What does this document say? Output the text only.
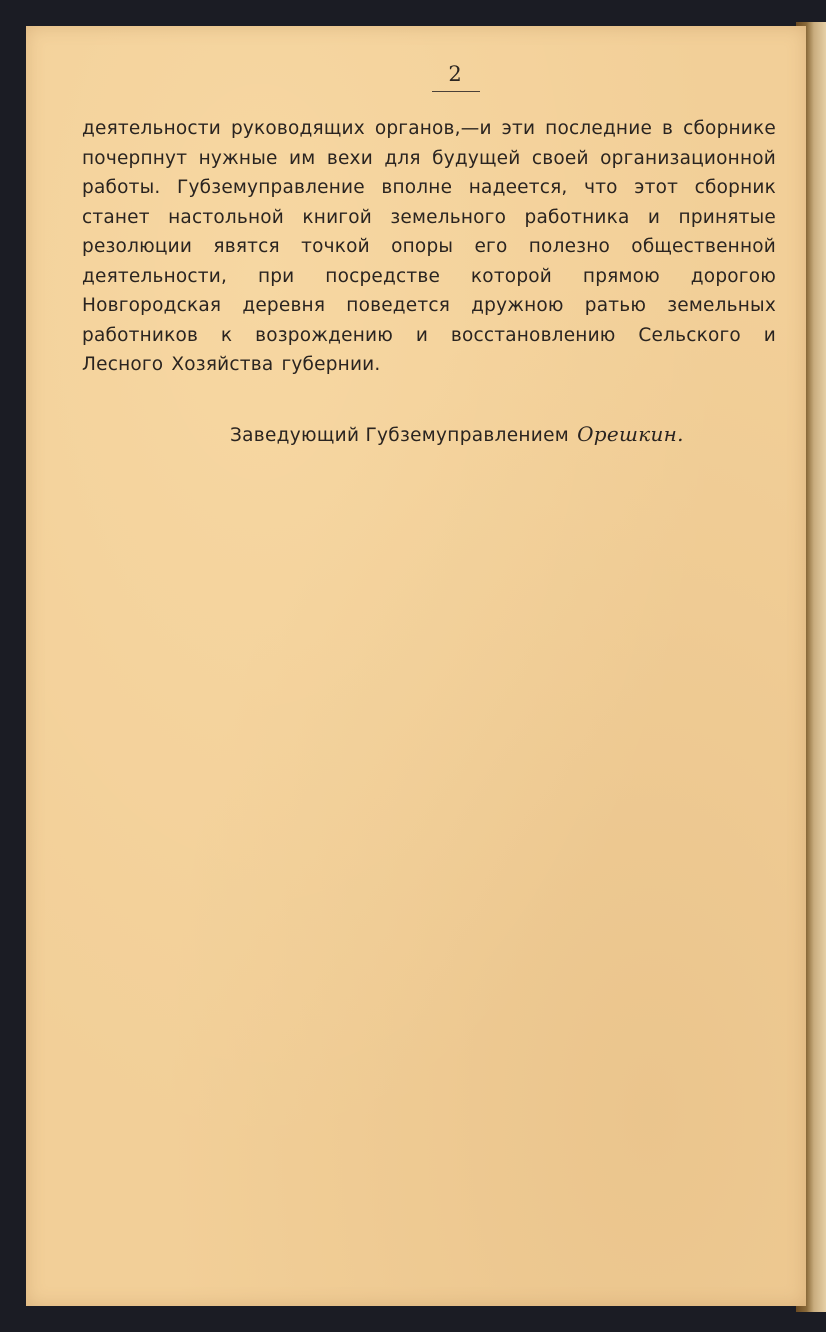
2

деятельности руководящих органов,—и эти последние в сборнике почерпнут нужные им вехи для будущей своей организационной работы. Губземуправление вполне надеется, что этот сборник станет настольной книгой земельного работника и принятые резолюции явятся точкой опоры его полезно общественной деятельности, при посредстве которой прямою дорогою Новгородская деревня поведется дружною ратью земельных работников к возрождению и восстановлению Сельского и Лесного Хозяйства губернии.

Заведующий Губземуправлением Орешкин.
